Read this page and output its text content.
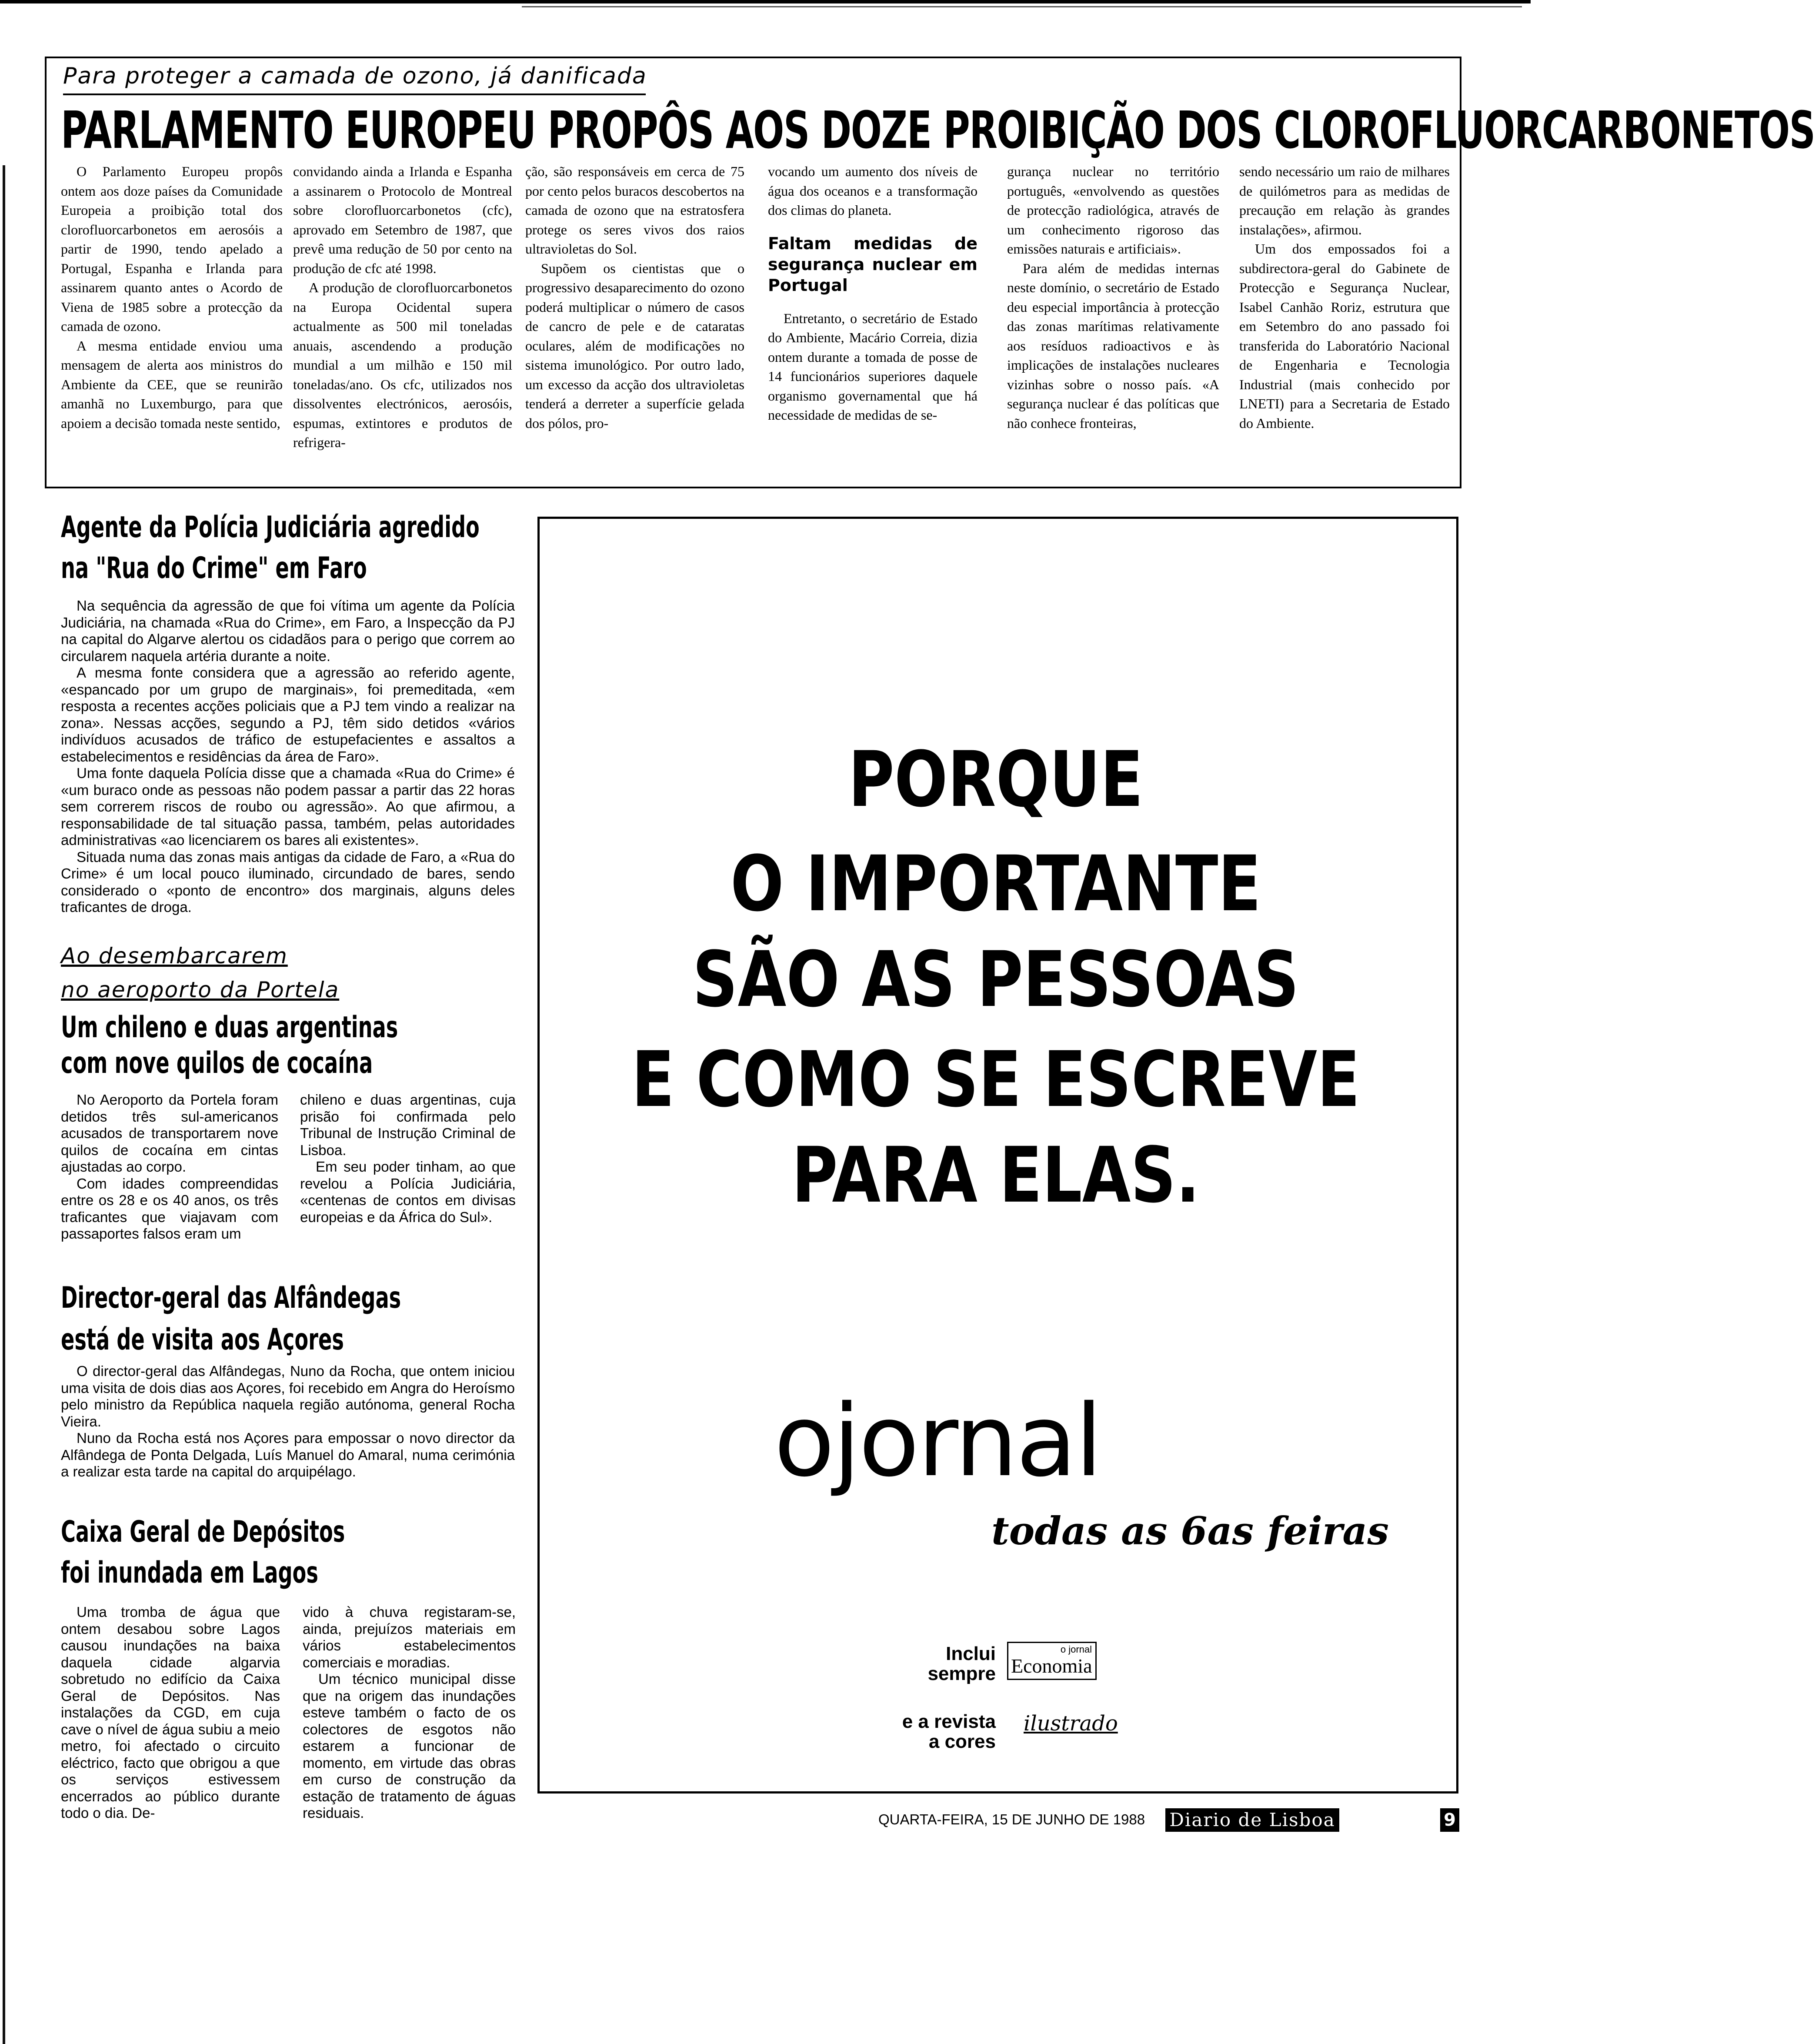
Para proteger a camada de ozono, já danificada
PARLAMENTO EUROPEU PROPÔS AOS DOZE PROIBIÇÃO DOS CLOROFLUORCARBONETOS

O Parlamento Europeu propôs ontem aos doze países da Comunidade Europeia a proibição total dos clorofluorcarbonetos em aerosóis a partir de 1990, tendo apelado a Portugal, Espanha e Irlanda para assinarem quanto antes o Acordo de Viena de 1985 sobre a protecção da camada de ozono.

A mesma entidade enviou uma mensagem de alerta aos ministros do Ambiente da CEE, que se reunirão amanhã no Luxemburgo, para que apoiem a decisão tomada neste sentido,

convidando ainda a Irlanda e Espanha a assinarem o Protocolo de Montreal sobre clorofluorcarbonetos (cfc), aprovado em Setembro de 1987, que prevê uma redução de 50 por cento na produção de cfc até 1998.

A produção de clorofluorcarbonetos na Europa Ocidental supera actualmente as 500 mil toneladas anuais, ascendendo a produção mundial a um milhão e 150 mil toneladas/ano. Os cfc, utilizados nos dissolventes electrónicos, aerosóis, espumas, extintores e produtos de refrigera-

ção, são responsáveis em cerca de 75 por cento pelos buracos descobertos na camada de ozono que na estratosfera protege os seres vivos dos raios ultravioletas do Sol.

Supõem os cientistas que o progressivo desaparecimento do ozono poderá multiplicar o número de casos de cancro de pele e de cataratas oculares, além de modificações no sistema imunológico. Por outro lado, um excesso da acção dos ultravioletas tenderá a derreter a superfície gelada dos pólos, pro-

vocando um aumento dos níveis de água dos oceanos e a transformação dos climas do planeta.

Faltam medidas de segurança nuclear em Portugal

Entretanto, o secretário de Estado do Ambiente, Macário Correia, dizia ontem durante a tomada de posse de 14 funcionários superiores daquele organismo governamental que há necessidade de medidas de se-

gurança nuclear no território português, «envolvendo as questões de protecção radiológica, através de um conhecimento rigoroso das emissões naturais e artificiais».

Para além de medidas internas neste domínio, o secretário de Estado deu especial importância à protecção das zonas marítimas relativamente aos resíduos radioactivos e às implicações de instalações nucleares vizinhas sobre o nosso país. «A segurança nuclear é das políticas que não conhece fronteiras,

sendo necessário um raio de milhares de quilómetros para as medidas de precaução em relação às grandes instalações», afirmou.

Um dos empossados foi a subdirectora-geral do Gabinete de Protecção e Segurança Nuclear, Isabel Canhão Roriz, estrutura que em Setembro do ano passado foi transferida do Laboratório Nacional de Engenharia e Tecnologia Industrial (mais conhecido por LNETI) para a Secretaria de Estado do Ambiente.

Agente da Polícia Judiciária agredido
na "Rua do Crime" em Faro

Na sequência da agressão de que foi vítima um agente da Polícia Judiciária, na chamada «Rua do Crime», em Faro, a Inspecção da PJ na capital do Algarve alertou os cidadãos para o perigo que correm ao circularem naquela artéria durante a noite.

A mesma fonte considera que a agressão ao referido agente, «espancado por um grupo de marginais», foi premeditada, «em resposta a recentes acções policiais que a PJ tem vindo a realizar na zona». Nessas acções, segundo a PJ, têm sido detidos «vários indivíduos acusados de tráfico de estupefacientes e assaltos a estabelecimentos e residências da área de Faro».

Uma fonte daquela Polícia disse que a chamada «Rua do Crime» é «um buraco onde as pessoas não podem passar a partir das 22 horas sem correrem riscos de roubo ou agressão». Ao que afirmou, a responsabilidade de tal situação passa, também, pelas autoridades administrativas «ao licenciarem os bares ali existentes».

Situada numa das zonas mais antigas da cidade de Faro, a «Rua do Crime» é um local pouco iluminado, circundado de bares, sendo considerado o «ponto de encontro» dos marginais, alguns deles traficantes de droga.

Ao desembarcarem
no aeroporto da Portela
Um chileno e duas argentinas
com nove quilos de cocaína

No Aeroporto da Portela foram detidos três sul-americanos acusados de transportarem nove quilos de cocaína em cintas ajustadas ao corpo.

Com idades compreendidas entre os 28 e os 40 anos, os três traficantes que viajavam com passaportes falsos eram um

chileno e duas argentinas, cuja prisão foi confirmada pelo Tribunal de Instrução Criminal de Lisboa.

Em seu poder tinham, ao que revelou a Polícia Judiciária, «centenas de contos em divisas europeias e da África do Sul».

Director-geral das Alfândegas
está de visita aos Açores

O director-geral das Alfândegas, Nuno da Rocha, que ontem iniciou uma visita de dois dias aos Açores, foi recebido em Angra do Heroísmo pelo ministro da República naquela região autónoma, general Rocha Vieira.

Nuno da Rocha está nos Açores para empossar o novo director da Alfândega de Ponta Delgada, Luís Manuel do Amaral, numa cerimónia a realizar esta tarde na capital do arquipélago.

Caixa Geral de Depósitos
foi inundada em Lagos

Uma tromba de água que ontem desabou sobre Lagos causou inundações na baixa daquela cidade algarvia sobretudo no edifício da Caixa Geral de Depósitos. Nas instalações da CGD, em cuja cave o nível de água subiu a meio metro, foi afectado o circuito eléctrico, facto que obrigou a que os serviços estivessem encerrados ao público durante todo o dia. De-

vido à chuva registaram-se, ainda, prejuízos materiais em vários estabelecimentos comerciais e moradias.

Um técnico municipal disse que na origem das inundações esteve também o facto de os colectores de esgotos não estarem a funcionar de momento, em virtude das obras em curso de construção da estação de tratamento de águas residuais.

PORQUE
O IMPORTANTE
SÃO AS PESSOAS
E COMO SE ESCREVE
PARA ELAS.
ojornal
todas as 6as feiras
Inclui
sempre
o jornal
Economia
e a revista
a cores
ilustrado
QUARTA-FEIRA, 15 DE JUNHO DE 1988 Diario de Lisboa	9
